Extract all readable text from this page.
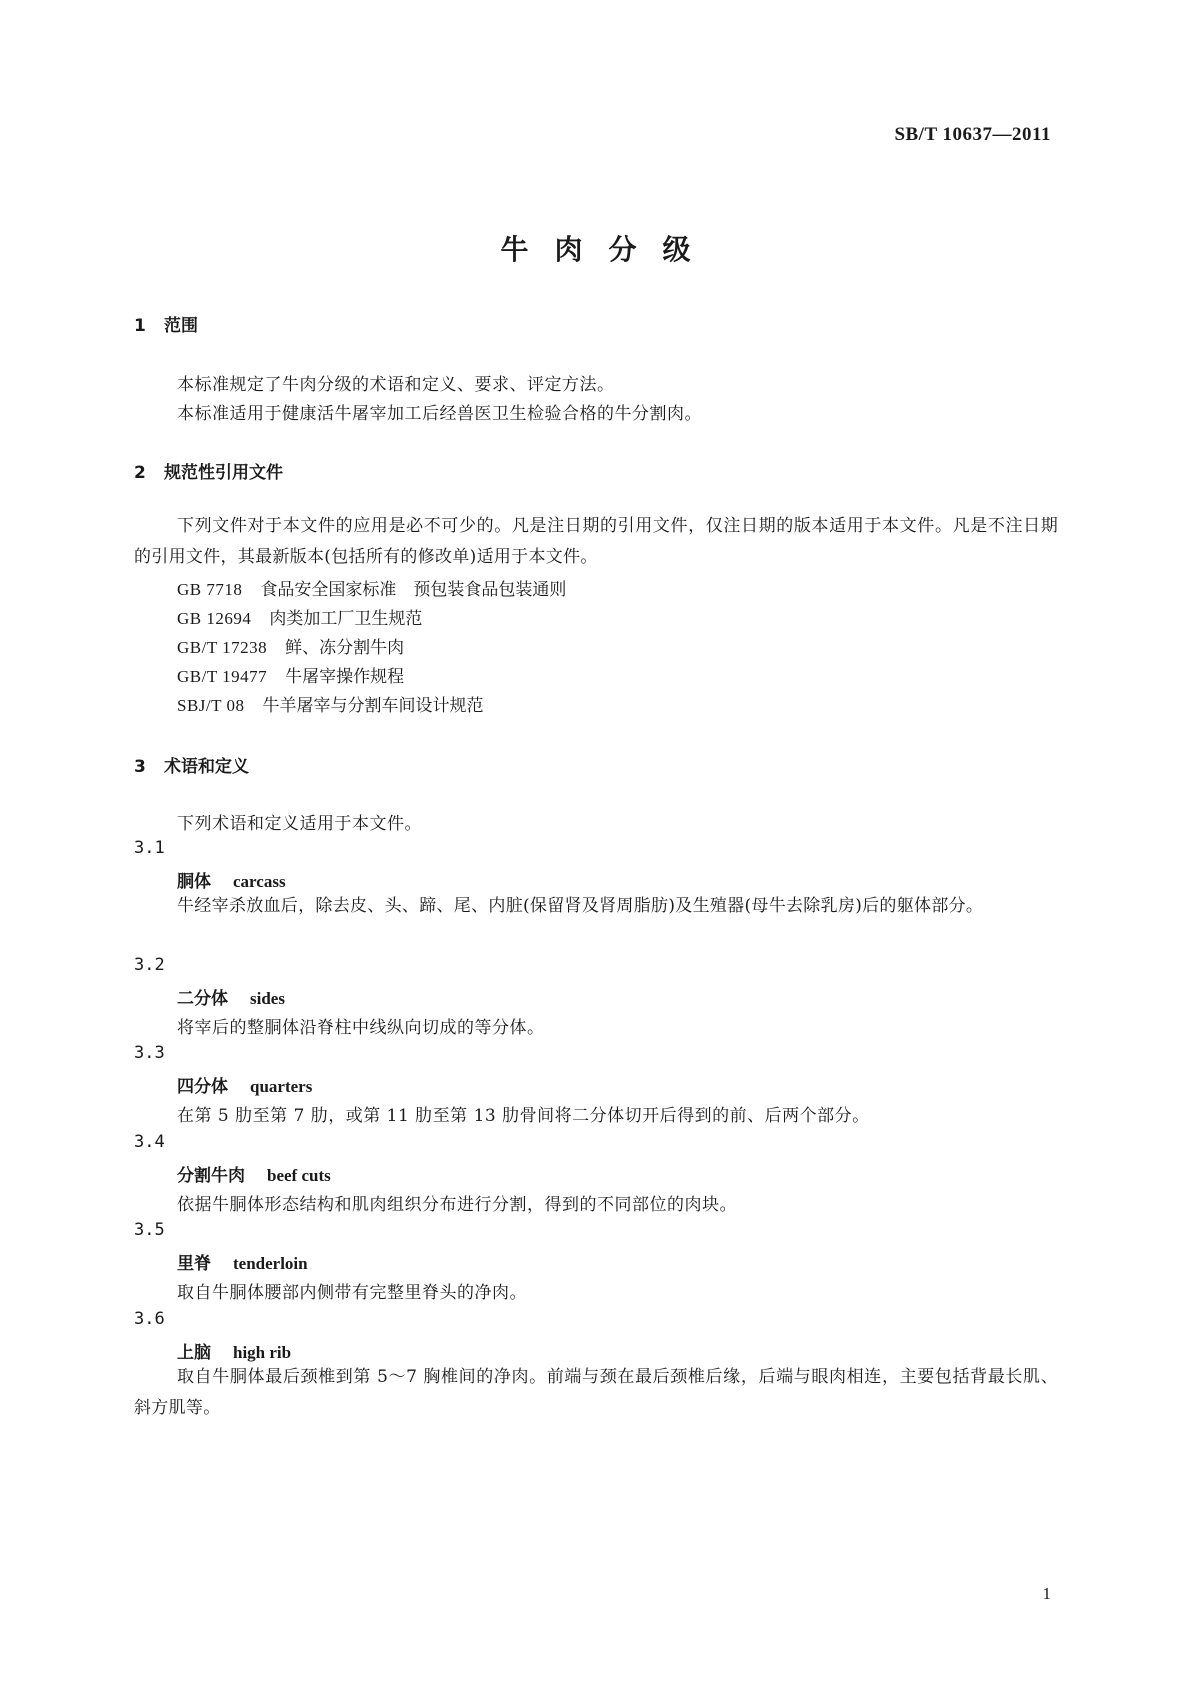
SB/T 10637—2011
牛肉分级
1 范围
本标准规定了牛肉分级的术语和定义、要求、评定方法。
本标准适用于健康活牛屠宰加工后经兽医卫生检验合格的牛分割肉。
2 规范性引用文件
下列文件对于本文件的应用是必不可少的。凡是注日期的引用文件，仅注日期的版本适用于本文件。凡是不注日期的引用文件，其最新版本(包括所有的修改单)适用于本文件。
GB 7718 食品安全国家标准　预包装食品包装通则
GB 12694 肉类加工厂卫生规范
GB/T 17238 鲜、冻分割牛肉
GB/T 19477 牛屠宰操作规程
SBJ/T 08 牛羊屠宰与分割车间设计规范
3 术语和定义
下列术语和定义适用于本文件。
3.1
胴体 carcass
牛经宰杀放血后，除去皮、头、蹄、尾、内脏(保留肾及肾周脂肪)及生殖器(母牛去除乳房)后的躯体部分。
3.2
二分体 sides
将宰后的整胴体沿脊柱中线纵向切成的等分体。
3.3
四分体 quarters
在第 5 肋至第 7 肋，或第 11 肋至第 13 肋骨间将二分体切开后得到的前、后两个部分。
3.4
分割牛肉 beef cuts
依据牛胴体形态结构和肌肉组织分布进行分割，得到的不同部位的肉块。
3.5
里脊 tenderloin
取自牛胴体腰部内侧带有完整里脊头的净肉。
3.6
上脑 high rib
取自牛胴体最后颈椎到第 5～7 胸椎间的净肉。前端与颈在最后颈椎后缘，后端与眼肉相连，主要包括背最长肌、斜方肌等。
1
